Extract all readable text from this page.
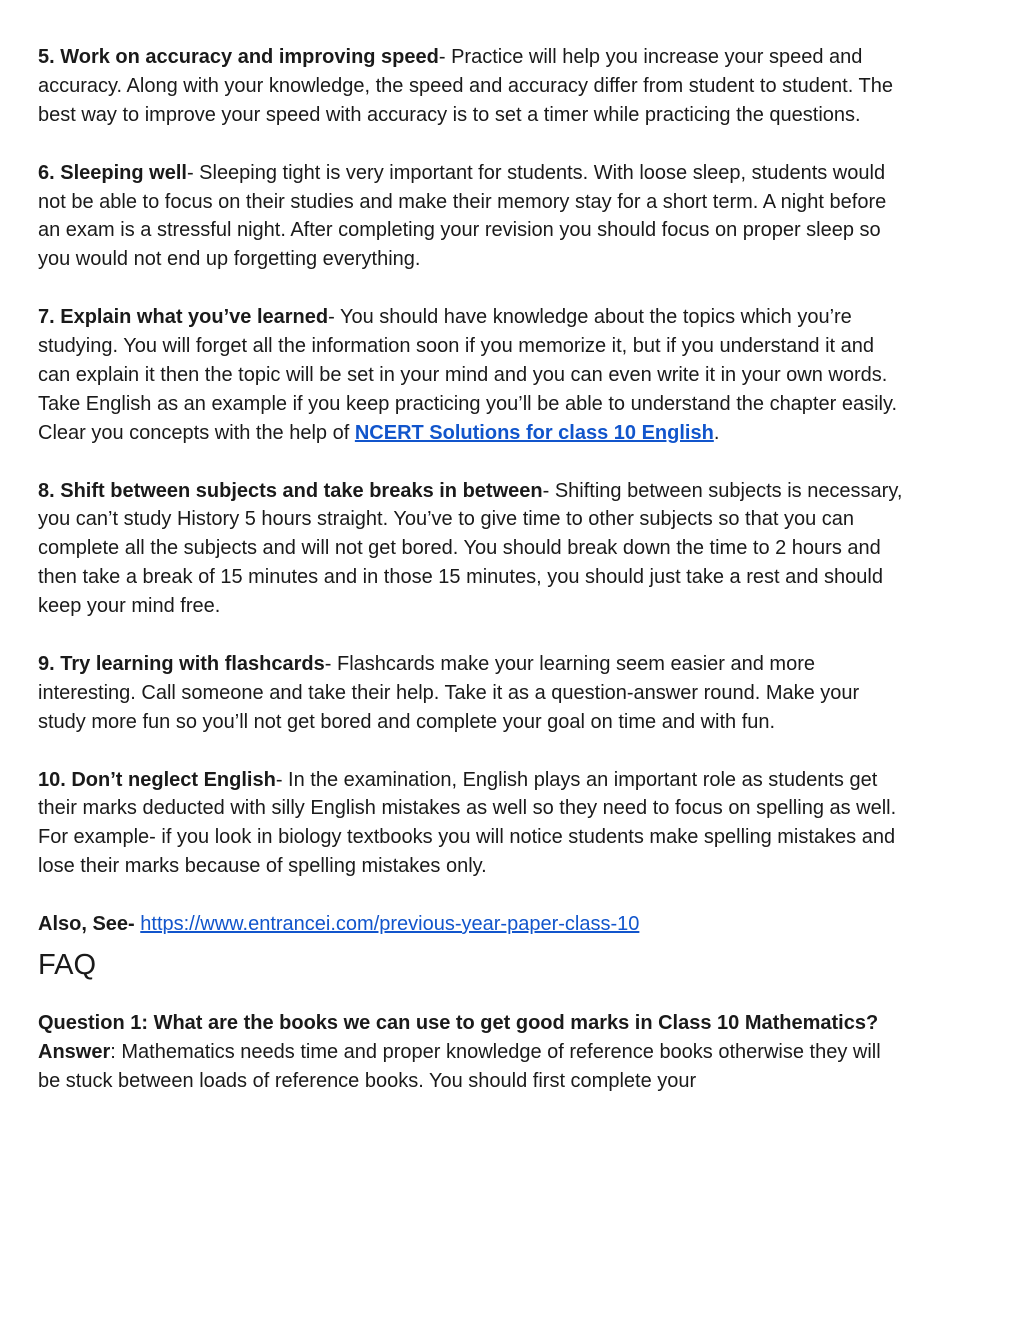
5. Work on accuracy and improving speed- Practice will help you increase your speed and accuracy. Along with your knowledge, the speed and accuracy differ from student to student. The best way to improve your speed with accuracy is to set a timer while practicing the questions.

6. Sleeping well- Sleeping tight is very important for students. With loose sleep, students would not be able to focus on their studies and make their memory stay for a short term. A night before an exam is a stressful night. After completing your revision you should focus on proper sleep so you would not end up forgetting everything.

7. Explain what you’ve learned- You should have knowledge about the topics which you’re studying. You will forget all the information soon if you memorize it, but if you understand it and can explain it then the topic will be set in your mind and you can even write it in your own words. Take English as an example if you keep practicing you’ll be able to understand the chapter easily. Clear you concepts with the help of NCERT Solutions for class 10 English.

8. Shift between subjects and take breaks in between- Shifting between subjects is necessary, you can’t study History 5 hours straight. You’ve to give time to other subjects so that you can complete all the subjects and will not get bored. You should break down the time to 2 hours and then take a break of 15 minutes and in those 15 minutes, you should just take a rest and should keep your mind free.

9. Try learning with flashcards- Flashcards make your learning seem easier and more interesting. Call someone and take their help. Take it as a question-answer round. Make your study more fun so you’ll not get bored and complete your goal on time and with fun.

10. Don’t neglect English- In the examination, English plays an important role as students get their marks deducted with silly English mistakes as well so they need to focus on spelling as well. For example- if you look in biology textbooks you will notice students make spelling mistakes and lose their marks because of spelling mistakes only.

Also, See- https://www.entrancei.com/previous-year-paper-class-10

FAQ

Question 1: What are the books we can use to get good marks in Class 10 Mathematics?

Answer: Mathematics needs time and proper knowledge of reference books otherwise they will be stuck between loads of reference books. You should first complete your
